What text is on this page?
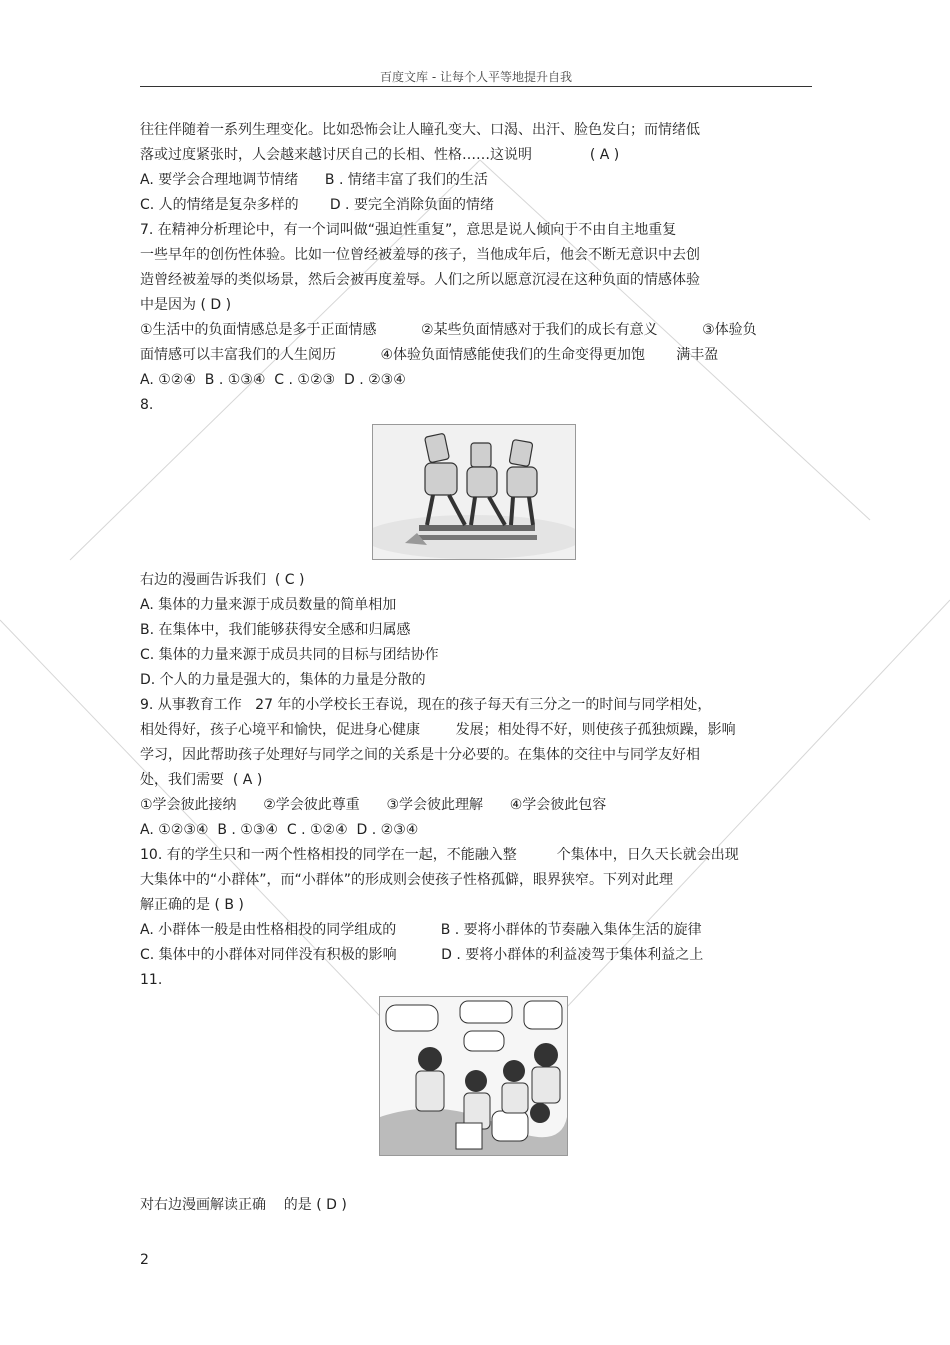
百度文库 - 让每个人平等地提升自我
往往伴随着一系列生理变化。比如恐怖会让人瞳孔变大、口渴、出汗、脸色发白；而情绪低
落或过度紧张时，人会越来越讨厌自己的长相、性格……这说明             ( A )
A. 要学会合理地调节情绪      B . 情绪丰富了我们的生活
C. 人的情绪是复杂多样的       D . 要完全消除负面的情绪
7. 在精神分析理论中，有一个词叫做“强迫性重复”，意思是说人倾向于不由自主地重复
一些早年的创伤性体验。比如一位曾经被羞辱的孩子，当他成年后，他会不断无意识中去创
造曾经被羞辱的类似场景，然后会被再度羞辱。人们之所以愿意沉浸在这种负面的情感体验
中是因为 ( D )
①生活中的负面情感总是多于正面情感          ②某些负面情感对于我们的成长有意义          ③体验负
面情感可以丰富我们的人生阅历          ④体验负面情感能使我们的生命变得更加饱       满丰盈
A. ①②④  B . ①③④  C . ①②③  D . ②③④
8.
右边的漫画告诉我们  ( C )
A. 集体的力量来源于成员数量的简单相加
B. 在集体中，我们能够获得安全感和归属感
C. 集体的力量来源于成员共同的目标与团结协作
D. 个人的力量是强大的，集体的力量是分散的
9. 从事教育工作   27 年的小学校长王春说，现在的孩子每天有三分之一的时间与同学相处，
相处得好，孩子心境平和愉快，促进身心健康        发展；相处得不好，则使孩子孤独烦躁，影响
学习，因此帮助孩子处理好与同学之间的关系是十分必要的。在集体的交往中与同学友好相
处，我们需要  ( A )
①学会彼此接纳      ②学会彼此尊重      ③学会彼此理解      ④学会彼此包容
A. ①②③④  B . ①③④  C . ①②④  D . ②③④
10. 有的学生只和一两个性格相投的同学在一起，不能融入整         个集体中，日久天长就会出现
大集体中的“小群体”，而“小群体”的形成则会使孩子性格孤僻，眼界狭窄。下列对此理
解正确的是 ( B )
A. 小群体一般是由性格相投的同学组成的          B . 要将小群体的节奏融入集体生活的旋律
C. 集体中的小群体对同伴没有积极的影响          D . 要将小群体的利益凌驾于集体利益之上
11.
对右边漫画解读正确    的是 ( D )
2
